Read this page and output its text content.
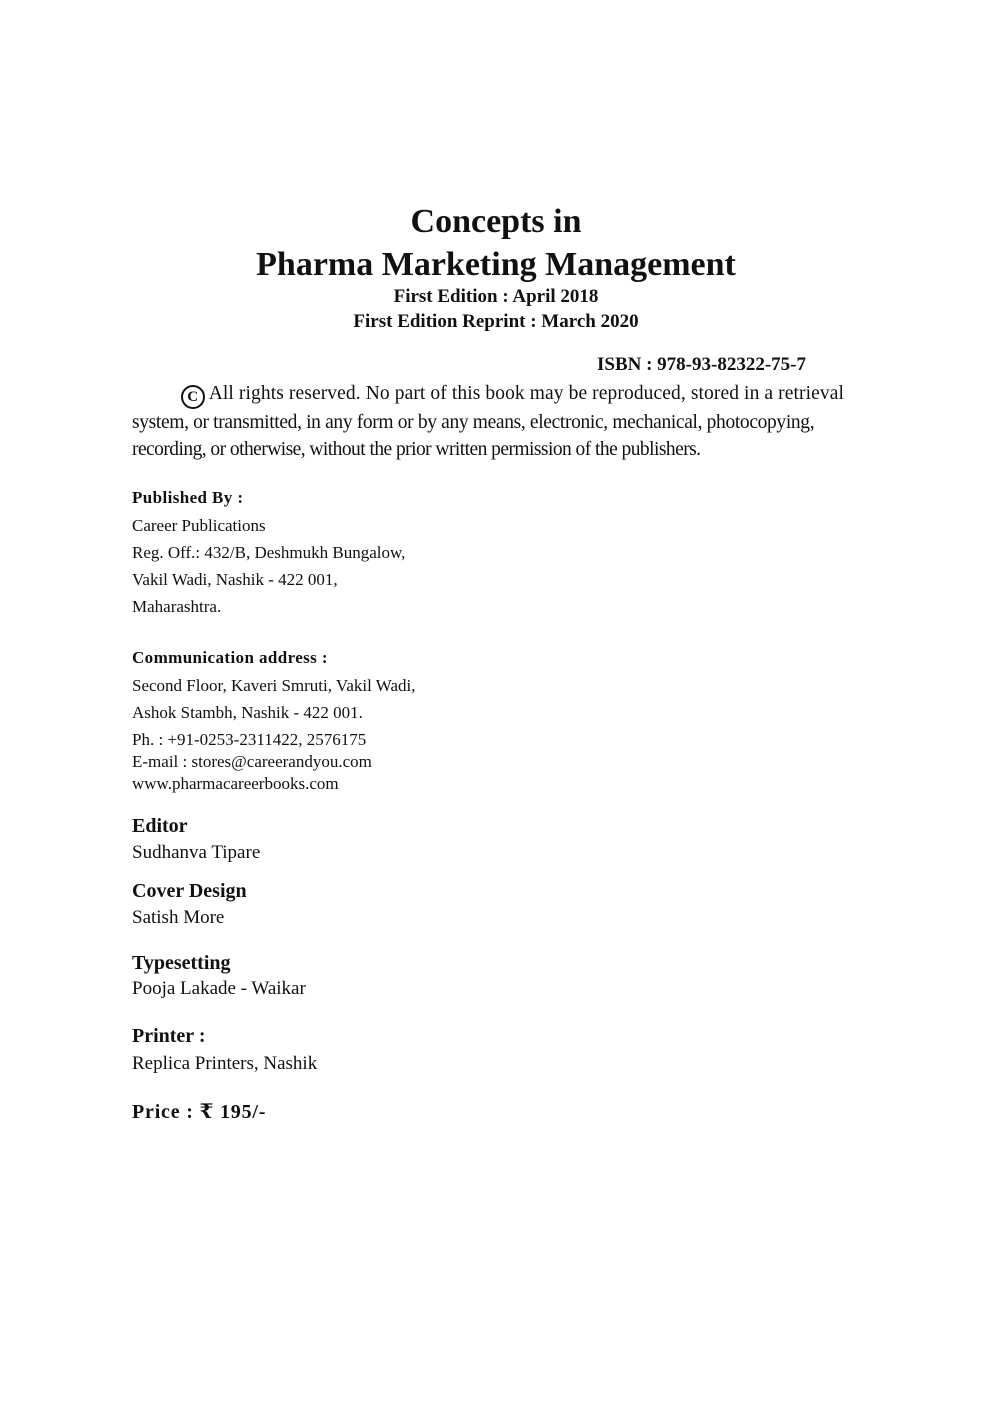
Concepts in
Pharma Marketing Management
First Edition : April 2018
First Edition Reprint : March 2020
ISBN : 978-93-82322-75-7

C All rights reserved. No part of this book may be reproduced, stored in a retrieval

system, or transmitted, in any form or by any means, electronic, mechanical, photocopying,

recording, or otherwise, without the prior written permission of the publishers.

Published By :
Career Publications
Reg. Off.: 432/B, Deshmukh Bungalow,
Vakil Wadi, Nashik - 422 001,
Maharashtra.
Communication address :
Second Floor, Kaveri Smruti, Vakil Wadi,
Ashok Stambh, Nashik - 422 001.
Ph. : +91-0253-2311422, 2576175
E-mail : stores@careerandyou.com
www.pharmacareerbooks.com
Editor
Sudhanva Tipare
Cover Design
Satish More
Typesetting
Pooja Lakade - Waikar
Printer :
Replica Printers, Nashik
Price : ₹ 195/-
